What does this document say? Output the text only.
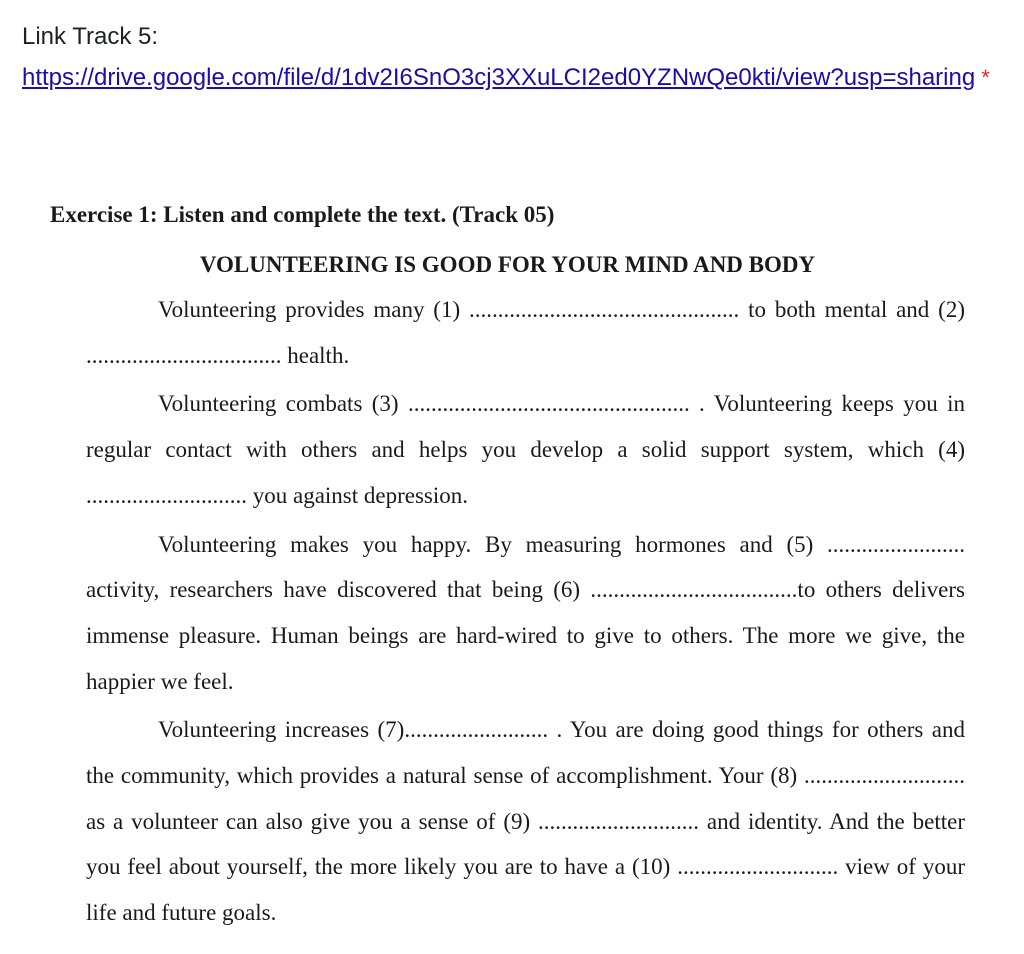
Link Track 5:
https://drive.google.com/file/d/1dv2I6SnO3cj3XXuLCI2ed0YZNwQe0kti/view?usp=sharing *

Exercise 1: Listen and complete the text. (Track 05)

VOLUNTEERING IS GOOD FOR YOUR MIND AND BODY

Volunteering provides many (1) ............................................... to both mental and (2) .................................. health.

Volunteering combats (3) ................................................. . Volunteering keeps you in regular contact with others and helps you develop a solid support system, which (4) ............................ you against depression.

Volunteering makes you happy. By measuring hormones and (5) ........................ activity, researchers have discovered that being (6) ....................................to others delivers immense pleasure. Human beings are hard-wired to give to others. The more we give, the happier we feel.

Volunteering increases (7)......................... . You are doing good things for others and the community, which provides a natural sense of accomplishment. Your (8) ............................ as a volunteer can also give you a sense of (9) ............................ and identity. And the better you feel about yourself, the more likely you are to have a (10) ............................ view of your life and future goals.
